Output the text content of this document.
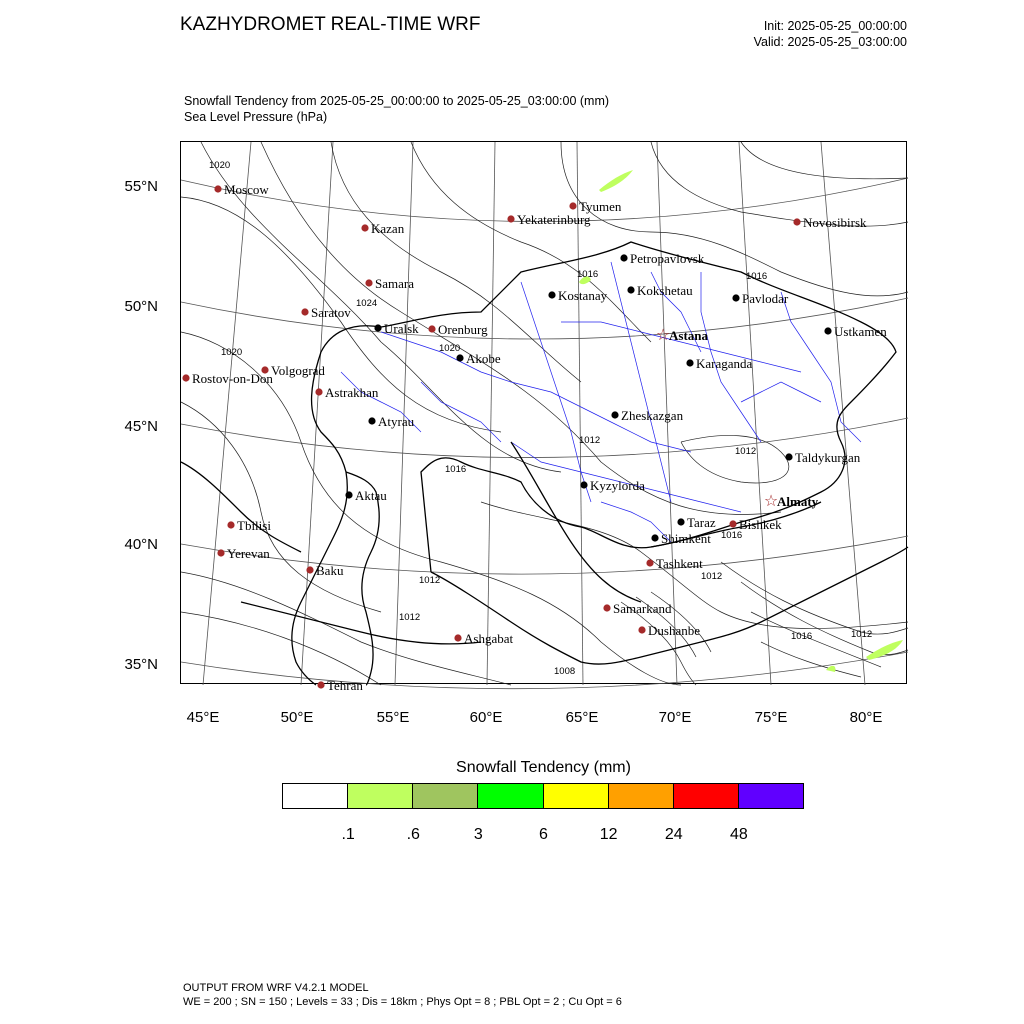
KAZHYDROMET REAL-TIME WRF	Init: 2025-05-25_00:00:00
Valid: 2025-05-25_03:00:00
Snowfall Tendency from 2025-05-25_00:00:00 to 2025-05-25_03:00:00 (mm)
Sea Level Pressure (hPa)
1020
1024
1020	1020
1016	1016
1016
1012
1012
1012
1016
1012
1012
1016	1012
1008
Moscow
Kazan
Yekaterinburg
Tyumen
Novosibirsk
Samara
Saratov
Orenburg
Volgograd
Rostov-on-Don
Astrakhan
Tbilisi
Yerevan
Baku
Tehran
Ashgabat
Samarkand
Dushanbe
Tashkent
Bishkek
Uralsk
Akobe
Atyrau
Aktau
Kostanay
Petropavlovsk
Kokshetau
Pavlodar
Ustkamen
☆
Astana
Karaganda
Zheskazgan
Kyzylorda
Taldykurgan
☆
Almaty
Taraz
Shimkent
55°N
50°N
45°N
40°N
35°N
45°E	50°E	55°E	60°E	65°E	70°E	75°E	80°E
Snowfall Tendency (mm)
.1	.6	3	6	12	24	48
OUTPUT FROM WRF V4.2.1 MODEL
WE = 200 ; SN = 150 ; Levels = 33 ; Dis = 18km ; Phys Opt = 8 ; PBL Opt = 2 ; Cu Opt = 6
